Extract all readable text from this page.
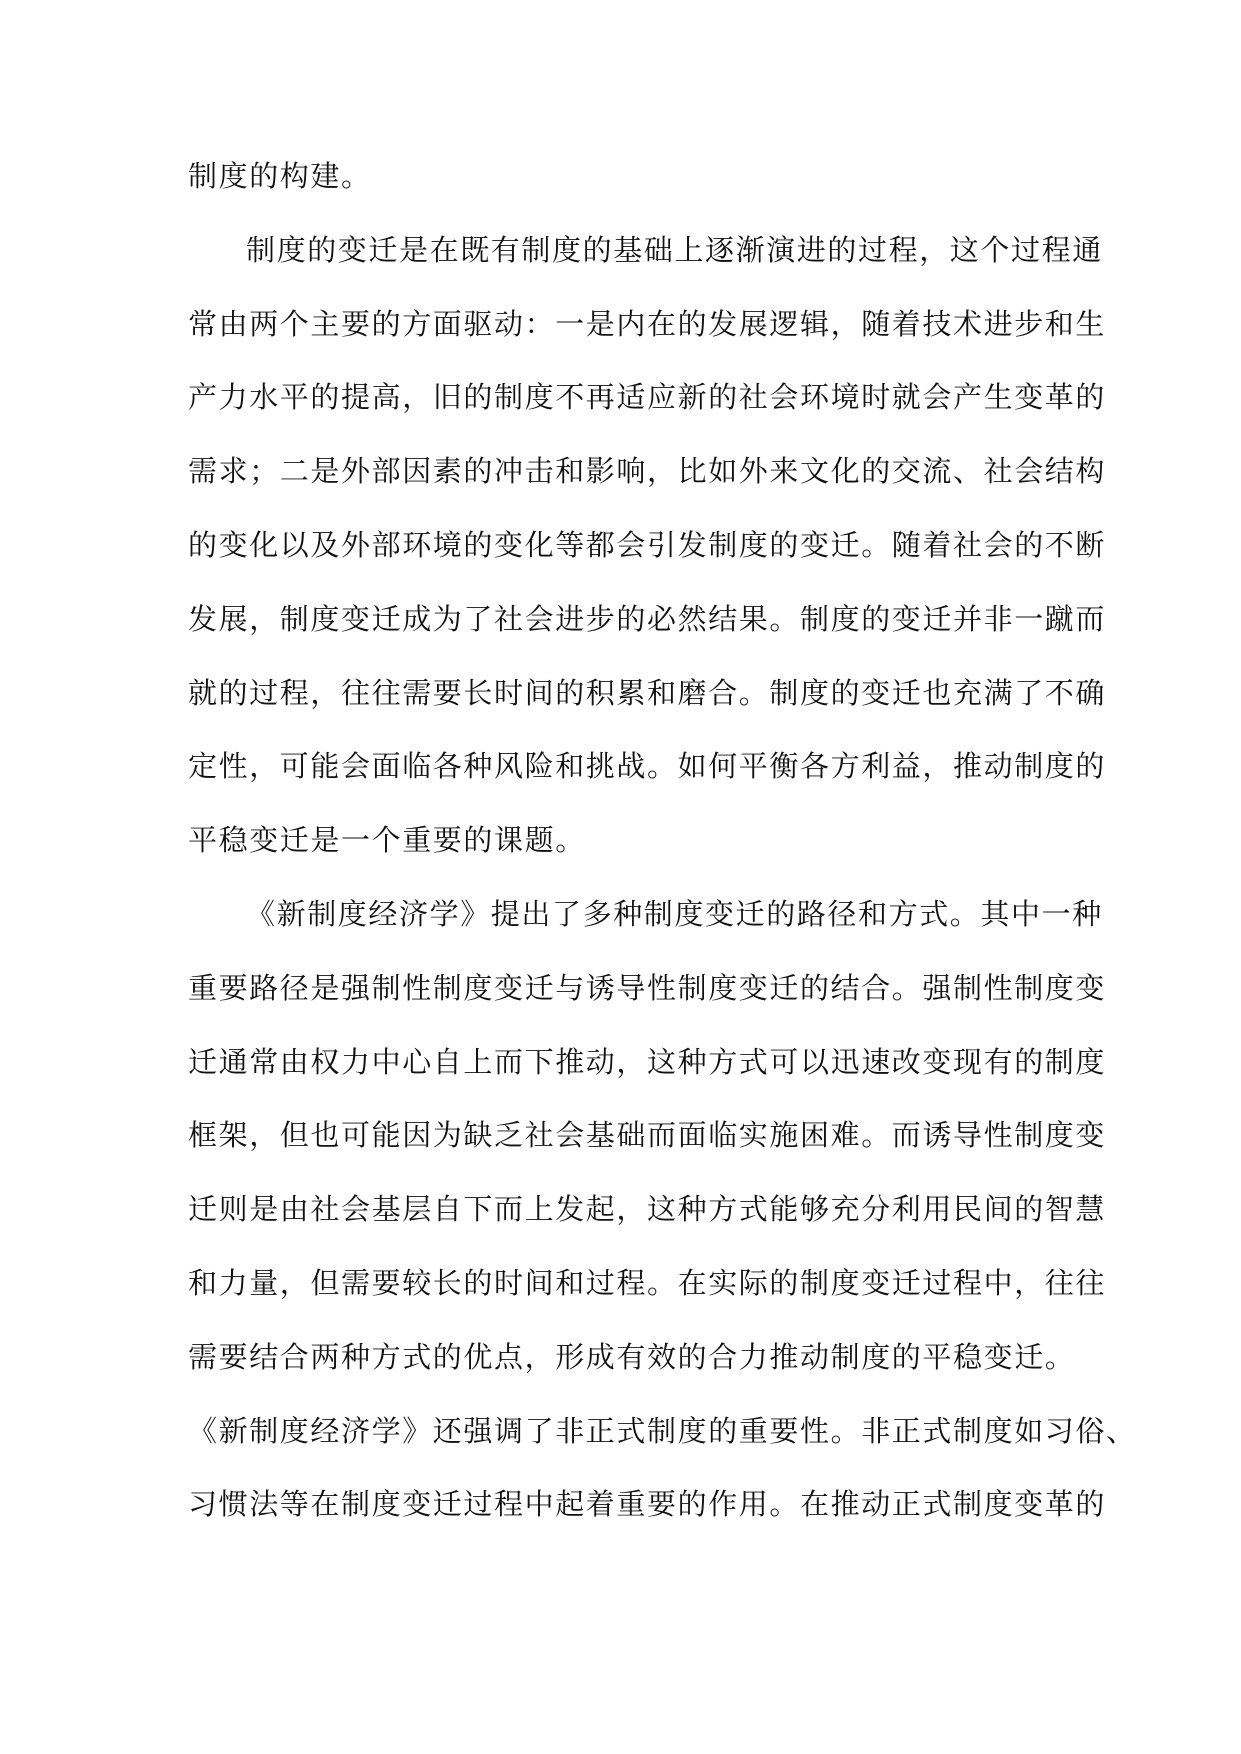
制度的构建。
制度的变迁是在既有制度的基础上逐渐演进的过程，这个过程通
常由两个主要的方面驱动：一是内在的发展逻辑，随着技术进步和生
产力水平的提高，旧的制度不再适应新的社会环境时就会产生变革的
需求；二是外部因素的冲击和影响，比如外来文化的交流、社会结构
的变化以及外部环境的变化等都会引发制度的变迁。随着社会的不断
发展，制度变迁成为了社会进步的必然结果。制度的变迁并非一蹴而
就的过程，往往需要长时间的积累和磨合。制度的变迁也充满了不确
定性，可能会面临各种风险和挑战。如何平衡各方利益，推动制度的
平稳变迁是一个重要的课题。
《新制度经济学》提出了多种制度变迁的路径和方式。其中一种
重要路径是强制性制度变迁与诱导性制度变迁的结合。强制性制度变
迁通常由权力中心自上而下推动，这种方式可以迅速改变现有的制度
框架，但也可能因为缺乏社会基础而面临实施困难。而诱导性制度变
迁则是由社会基层自下而上发起，这种方式能够充分利用民间的智慧
和力量，但需要较长的时间和过程。在实际的制度变迁过程中，往往
需要结合两种方式的优点，形成有效的合力推动制度的平稳变迁。
《新制度经济学》还强调了非正式制度的重要性。非正式制度如习俗、
习惯法等在制度变迁过程中起着重要的作用。在推动正式制度变革的
